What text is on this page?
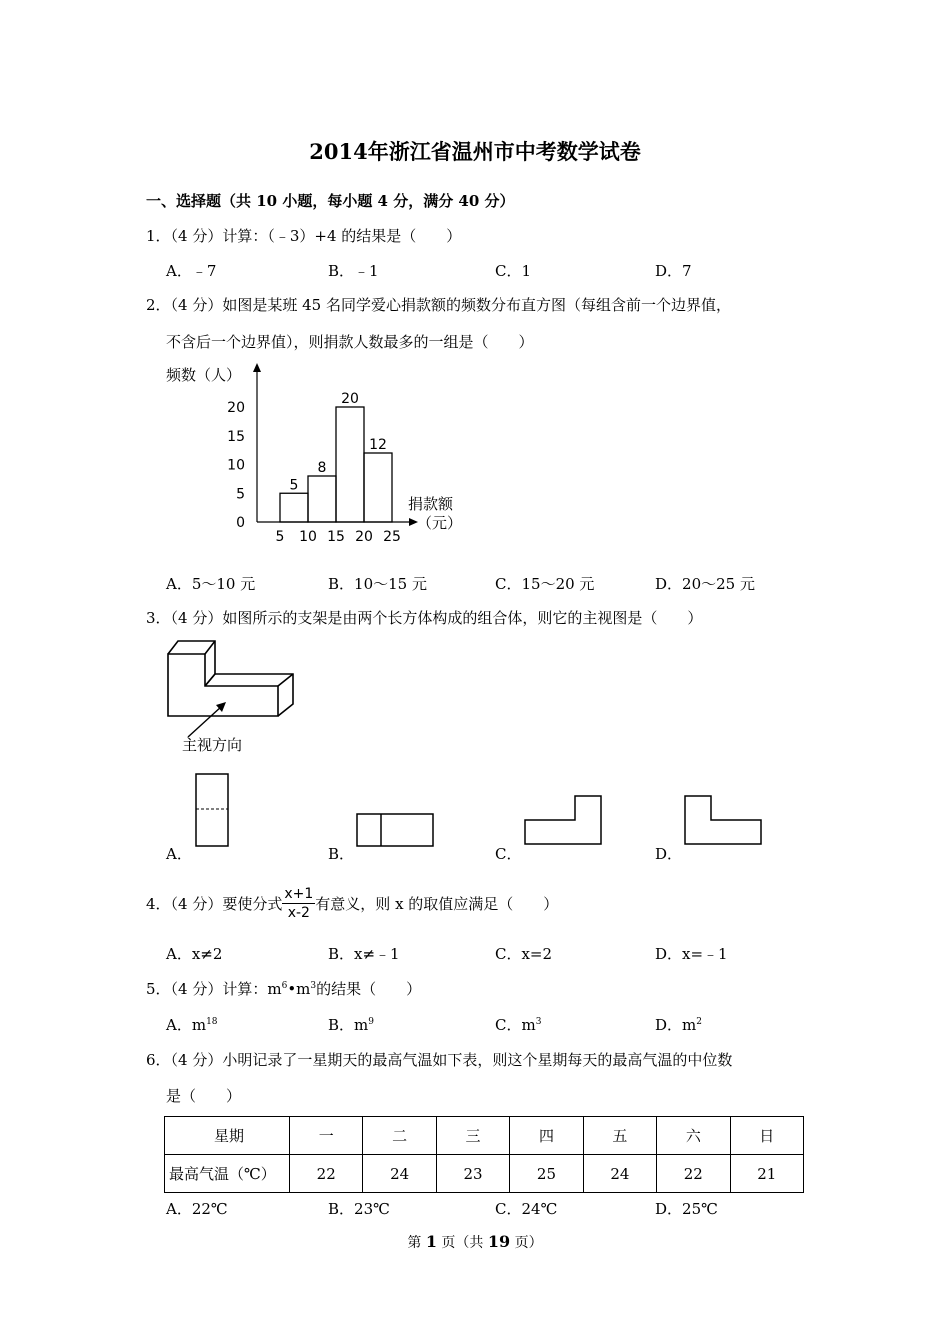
2014年浙江省温州市中考数学试卷
一、选择题（共 10 小题，每小题 4 分，满分 40 分）
1．（4 分）计算：（﹣3）+4 的结果是（　　）
A．﹣7	B．﹣1	C．1	D．7
2．（4 分）如图是某班 45 名同学爱心捐款额的频数分布直方图（每组含前一个边界值，
不含后一个边界值），则捐款人数最多的一组是（　　）
频数（人）
5
8
20
12
0
5
10
15
20
5 10 15 20 25
捐款额
（元）
A．5～10 元	B．10～15 元	C．15～20 元	D．20～25 元
3．（4 分）如图所示的支架是由两个长方体构成的组合体，则它的主视图是（　　）
主视方向
A．	B．	C．	D．
4．（4 分）要使分式 $\frac{x+1}{x-2}$ 有意义，则 x 的取值应满足（　　）
A．x≠2	B．x≠﹣1	C．x=2	D．x=﹣1
5．（4 分）计算：$m^6•m^3$的结果（　　）
A．$m^{18}$	B．$m^9$	C．$m^3$	D．$m^2$
6．（4 分）小明记录了一星期天的最高气温如下表，则这个星期每天的最高气温的中位数
是（　　）
星期	一	二	三	四	五	六	日
最高气温（℃）	22	24	23	25	24	22	21
A．22℃	B．23℃	C．24℃	D．25℃
第 1 页（共 19 页）
